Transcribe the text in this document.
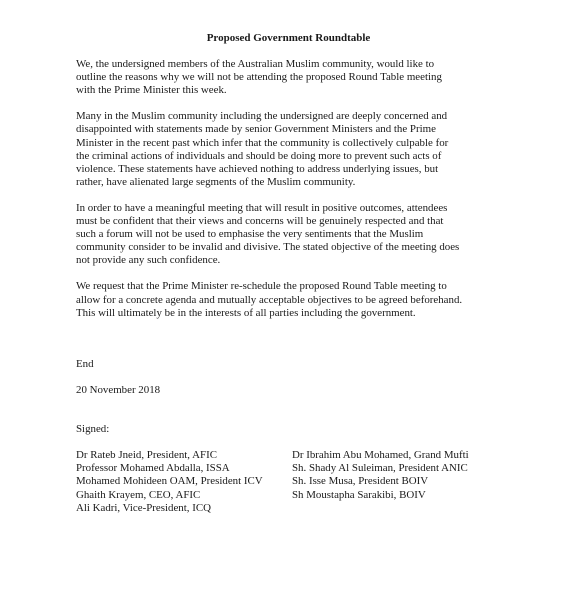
Proposed Government Roundtable
We, the undersigned members of the Australian Muslim community, would like to
outline the reasons why we will not be attending the proposed Round Table meeting
with the Prime Minister this week.
Many in the Muslim community including the undersigned are deeply concerned and
disappointed with statements made by senior Government Ministers and the Prime
Minister in the recent past which infer that the community is collectively culpable for
the criminal actions of individuals and should be doing more to prevent such acts of
violence. These statements have achieved nothing to address underlying issues, but
rather, have alienated large segments of the Muslim community.
In order to have a meaningful meeting that will result in positive outcomes, attendees
must be confident that their views and concerns will be genuinely respected and that
such a forum will not be used to emphasise the very sentiments that the Muslim
community consider to be invalid and divisive. The stated objective of the meeting does
not provide any such confidence.
We request that the Prime Minister re-schedule the proposed Round Table meeting to
allow for a concrete agenda and mutually acceptable objectives to be agreed beforehand.
This will ultimately be in the interests of all parties including the government.

End

20 November 2018

Signed:
Dr Rateb Jneid, President, AFIC
Professor Mohamed Abdalla, ISSA
Mohamed Mohideen OAM, President ICV
Ghaith Krayem, CEO, AFIC
Ali Kadri, Vice-President, ICQ
Dr Ibrahim Abu Mohamed, Grand Mufti
Sh. Shady Al Suleiman, President ANIC
Sh. Isse Musa, President BOIV
Sh Moustapha Sarakibi, BOIV
